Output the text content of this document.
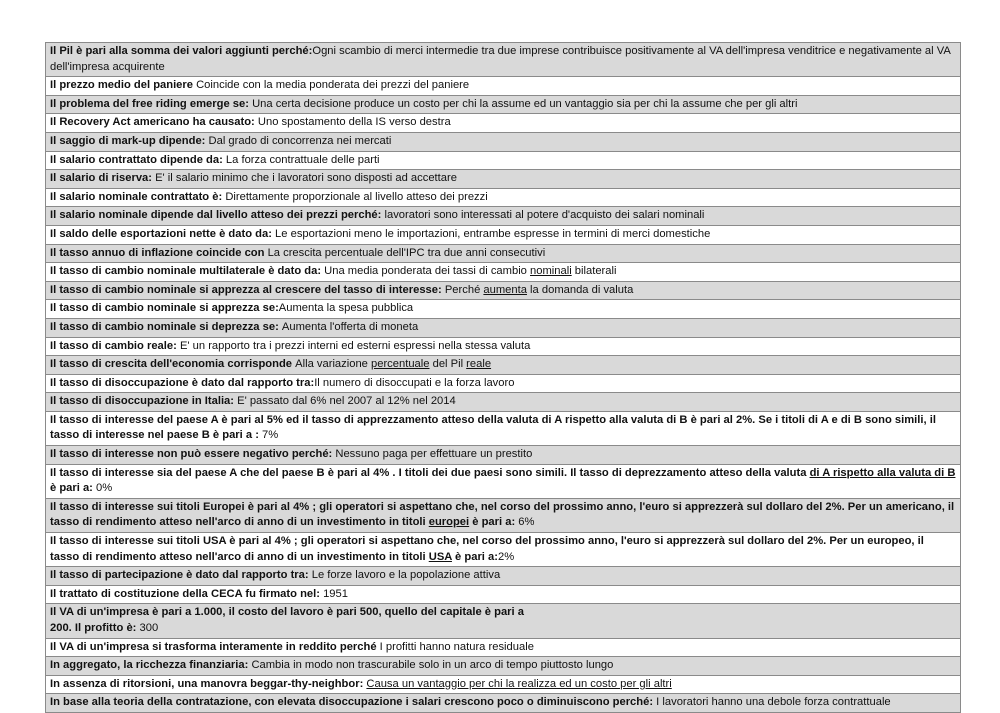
Il Pil è pari alla somma dei valori aggiunti perché:Ogni scambio di merci intermedie tra due imprese contribuisce positivamente al VA dell'impresa venditrice e negativamente al VA dell'impresa acquirente
Il prezzo medio del paniere Coincide con la media ponderata dei prezzi del paniere
Il problema del free riding emerge se: Una certa decisione produce un costo per chi la assume ed un vantaggio sia per chi la assume che per gli altri
Il Recovery Act americano ha causato: Uno spostamento della IS verso destra
Il saggio di mark-up dipende: Dal grado di concorrenza nei mercati
Il salario contrattato dipende da: La forza contrattuale delle parti
Il salario di riserva: E' il salario minimo che i lavoratori sono disposti ad accettare
Il salario nominale contrattato è: Direttamente proporzionale al livello atteso dei prezzi
Il salario nominale dipende dal livello atteso dei prezzi perché: lavoratori sono interessati al potere d'acquisto dei salari nominali
Il saldo delle esportazioni nette è dato da: Le esportazioni meno le importazioni, entrambe espresse in termini di merci domestiche
Il tasso annuo di inflazione coincide con La crescita percentuale dell'IPC tra due anni consecutivi
Il tasso di cambio nominale multilaterale è dato da: Una media ponderata dei tassi di cambio nominali bilaterali
Il tasso di cambio nominale si apprezza al crescere del tasso di interesse: Perché aumenta la domanda di valuta
Il tasso di cambio nominale si apprezza se:Aumenta la spesa pubblica
Il tasso di cambio nominale si deprezza se: Aumenta l'offerta di moneta
Il tasso di cambio reale: E' un rapporto tra i prezzi interni ed esterni espressi nella stessa valuta
Il tasso di crescita dell'economia corrisponde Alla variazione percentuale del Pil reale
Il tasso di disoccupazione è dato dal rapporto tra:Il numero di disoccupati e la forza lavoro
Il tasso di disoccupazione in Italia: E' passato dal 6% nel 2007 al 12% nel 2014
Il tasso di interesse del paese A è pari al 5% ed il tasso di apprezzamento atteso della valuta di A rispetto alla valuta di B è pari al 2%. Se i titoli di A e di B sono simili, il tasso di interesse nel paese B è pari a : 7%
Il tasso di interesse non può essere negativo perché: Nessuno paga per effettuare un prestito
Il tasso di interesse sia del paese A che del paese B è pari al 4% . I titoli dei due paesi sono simili. Il tasso di deprezzamento atteso della valuta di A rispetto alla valuta di B è pari a: 0%
Il tasso di interesse sui titoli Europei è pari al 4% ; gli operatori si aspettano che, nel corso del prossimo anno, l'euro si apprezzerà sul dollaro del 2%. Per un americano, il tasso di rendimento atteso nell'arco di anno di un investimento in titoli europei è pari a: 6%
Il tasso di interesse sui titoli USA è pari al 4% ; gli operatori si aspettano che, nel corso del prossimo anno, l'euro si apprezzerà sul dollaro del 2%. Per un europeo, il tasso di rendimento atteso nell'arco di anno di un investimento in titoli USA è pari a:2%
Il tasso di partecipazione è dato dal rapporto tra: Le forze lavoro e la popolazione attiva
Il trattato di costituzione della CECA fu firmato nel: 1951
Il VA di un'impresa è pari a 1.000, il costo del lavoro è pari 500, quello del capitale è pari a
200. Il profitto è: 300
Il VA di un'impresa si trasforma interamente in reddito perché I profitti hanno natura residuale
In aggregato, la ricchezza finanziaria: Cambia in modo non trascurabile solo in un arco di tempo piuttosto lungo
In assenza di ritorsioni, una manovra beggar-thy-neighbor: Causa un vantaggio per chi la realizza ed un costo per gli altri
In base alla teoria della contratazione, con elevata disoccupazione i salari crescono poco o diminuiscono perché: I lavoratori hanno una debole forza contrattuale
